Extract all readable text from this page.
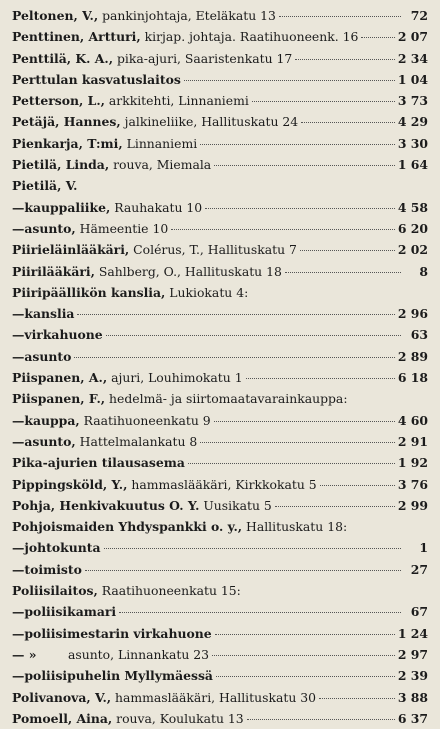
Peltonen, V., pankinjohtaja, Eteläkatu 13	72
Penttinen, Artturi, kirjap. johtaja. Raatihuoneenk. 16	2 07
Penttilä, K. A., pika-ajuri, Saaristenkatu 17	2 34
Perttulan kasvatuslaitos	1 04
Petterson, L., arkkitehti, Linnaniemi	3 73
Petäjä, Hannes, jalkineliike, Hallituskatu 24	4 29
Pienkarja, T:mi, Linnaniemi	3 30
Pietilä, Linda, rouva, Miemala	1 64
Pietilä, V.
—kauppaliike, Rauhakatu 10	4 58
—asunto, Hämeentie 10	6 20
Piirieläinlääkäri, Colérus, T., Hallituskatu 7	2 02
Piirilääkäri, Sahlberg, O., Hallituskatu 18	8
Piiripäällikön kanslia, Lukiokatu 4:
—kanslia	2 96
—virkahuone	63
—asunto	2 89
Piispanen, A., ajuri, Louhimokatu 1	6 18
Piispanen, F., hedelmä- ja siirtomaatavarainkauppa:
—kauppa, Raatihuoneenkatu 9	4 60
—asunto, Hattelmalankatu 8	2 91
Pika-ajurien tilausasema	1 92
Pippingsköld, Y., hammaslääkäri, Kirkkokatu 5	3 76
Pohja, Henkivakuutus O. Y. Uusikatu 5	2 99
Pohjoismaiden Yhdyspankki o. y., Hallituskatu 18:
—johtokunta	1
—toimisto	27
Poliisilaitos, Raatihuoneenkatu 15:
—poliisikamari	67
—poliisimestarin virkahuone	1 24
— » asunto, Linnankatu 23	2 97
—poliisipuhelin Myllymäessä	2 39
Polivanova, V., hammaslääkäri, Hallituskatu 30	3 88
Pomoell, Aina, rouva, Koulukatu 13	6 37
